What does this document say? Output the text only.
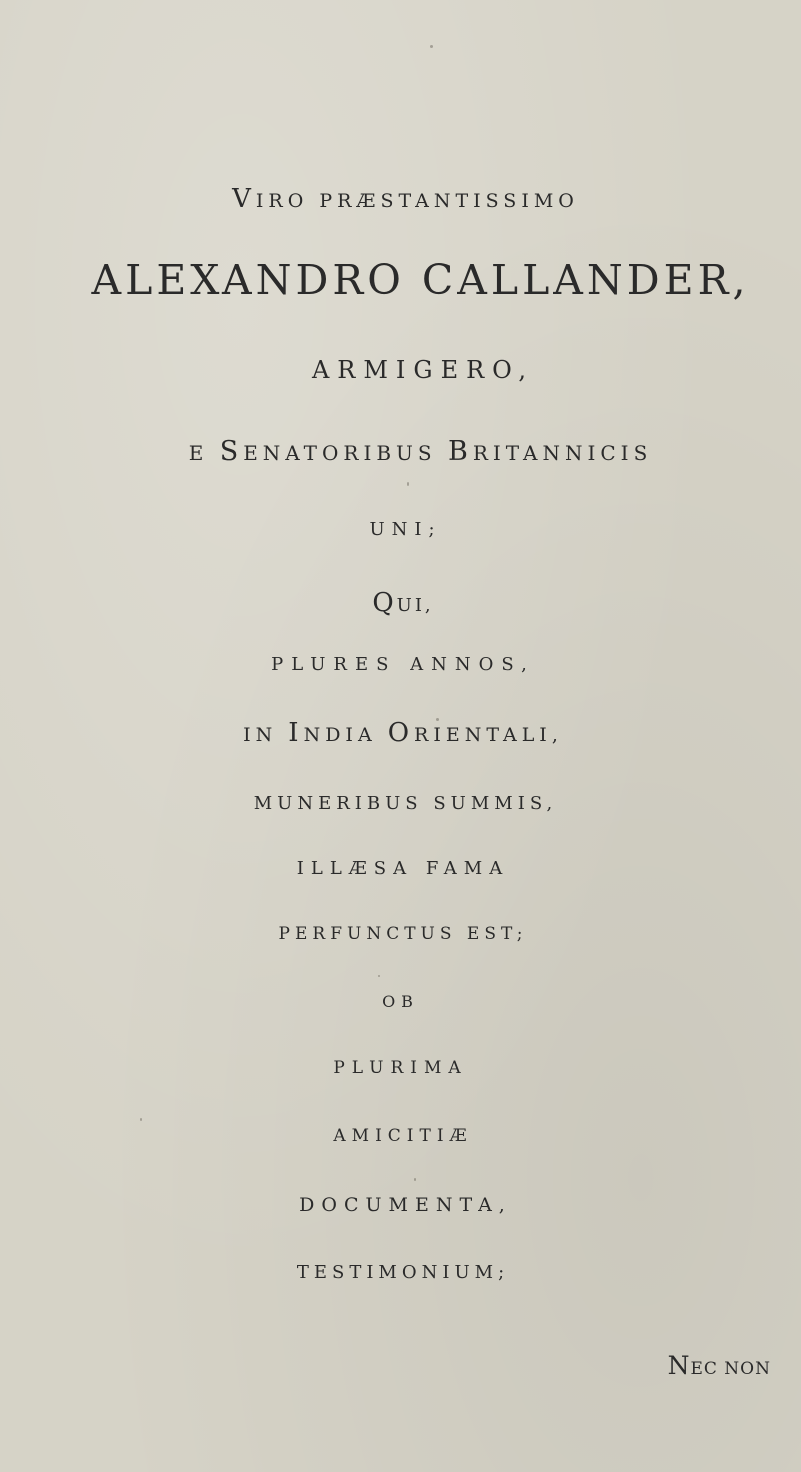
VIRO PRÆSTANTISSIMO

ALEXANDRO CALLANDER,

ARMIGERO,

E SENATORIBUS BRITANNICIS

UNI;

QUI,

PLURES ANNOS,

IN INDIA ORIENTALI,

MUNERIBUS SUMMIS,

ILLÆSA FAMA

PERFUNCTUS EST;

OB

PLURIMA

AMICITIÆ

DOCUMENTA,

TESTIMONIUM;

NEC NON
